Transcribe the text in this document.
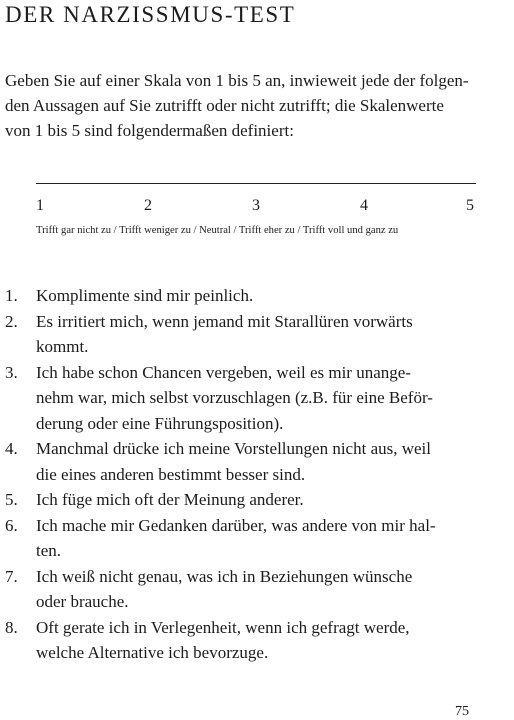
DER NARZISSMUS-TEST
Geben Sie auf einer Skala von 1 bis 5 an, inwieweit jede der folgen-
den Aussagen auf Sie zutrifft oder nicht zutrifft; die Skalenwerte
von 1 bis 5 sind folgendermaßen definiert:
1	2	3	4	5
Trifft gar nicht zu / Trifft weniger zu / Neutral / Trifft eher zu / Trifft voll und ganz zu
1. Komplimente sind mir peinlich.
2. Es irritiert mich, wenn jemand mit Starallüren vorwärts
kommt.
3. Ich habe schon Chancen vergeben, weil es mir unange-
nehm war, mich selbst vorzuschlagen (z.B. für eine Beför-
derung oder eine Führungsposition).
4. Manchmal drücke ich meine Vorstellungen nicht aus, weil
die eines anderen bestimmt besser sind.
5. Ich füge mich oft der Meinung anderer.
6. Ich mache mir Gedanken darüber, was andere von mir hal-
ten.
7. Ich weiß nicht genau, was ich in Beziehungen wünsche
oder brauche.
8. Oft gerate ich in Verlegenheit, wenn ich gefragt werde,
welche Alternative ich bevorzuge.
75
